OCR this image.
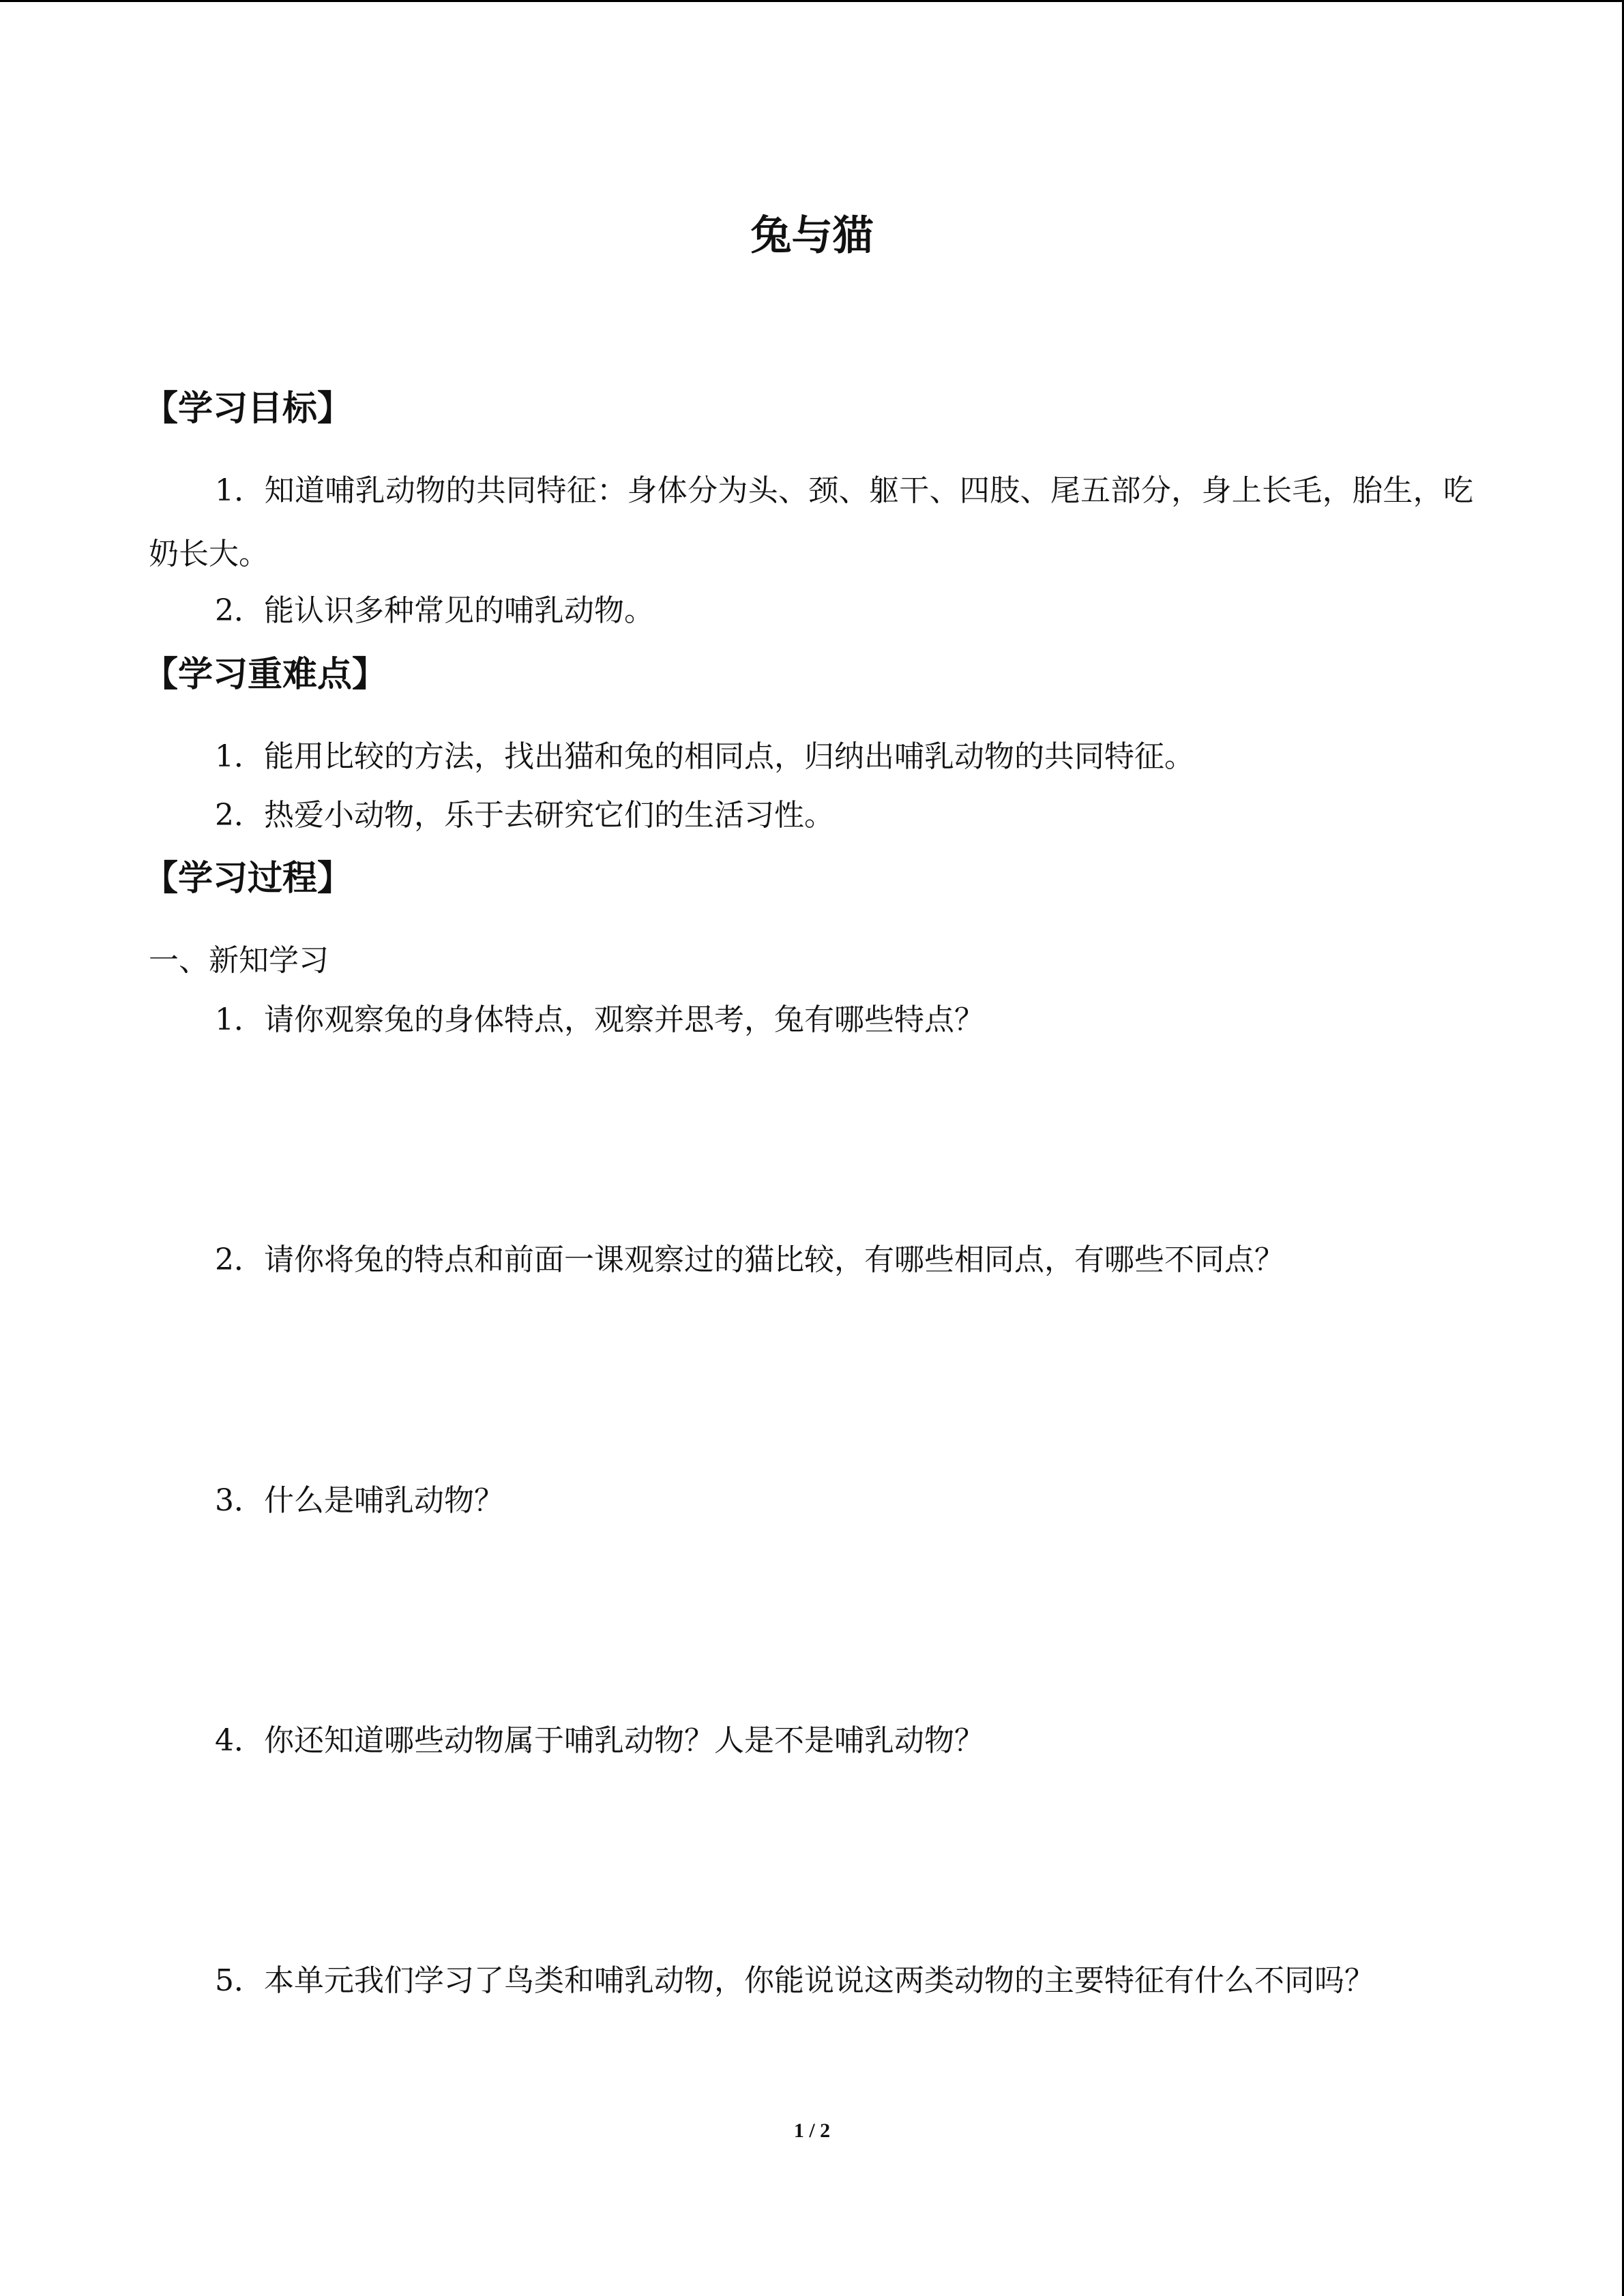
兔与猫
【学习目标】
1．知道哺乳动物的共同特征：身体分为头、颈、躯干、四肢、尾五部分，身上长毛，胎生，吃奶长大。
2．能认识多种常见的哺乳动物。
【学习重难点】
1．能用比较的方法，找出猫和兔的相同点，归纳出哺乳动物的共同特征。
2．热爱小动物，乐于去研究它们的生活习性。
【学习过程】
一、新知学习
1．请你观察兔的身体特点，观察并思考，兔有哪些特点？
2．请你将兔的特点和前面一课观察过的猫比较，有哪些相同点，有哪些不同点？
3．什么是哺乳动物？
4．你还知道哪些动物属于哺乳动物？人是不是哺乳动物？
5．本单元我们学习了鸟类和哺乳动物，你能说说这两类动物的主要特征有什么不同吗？
1 / 2
